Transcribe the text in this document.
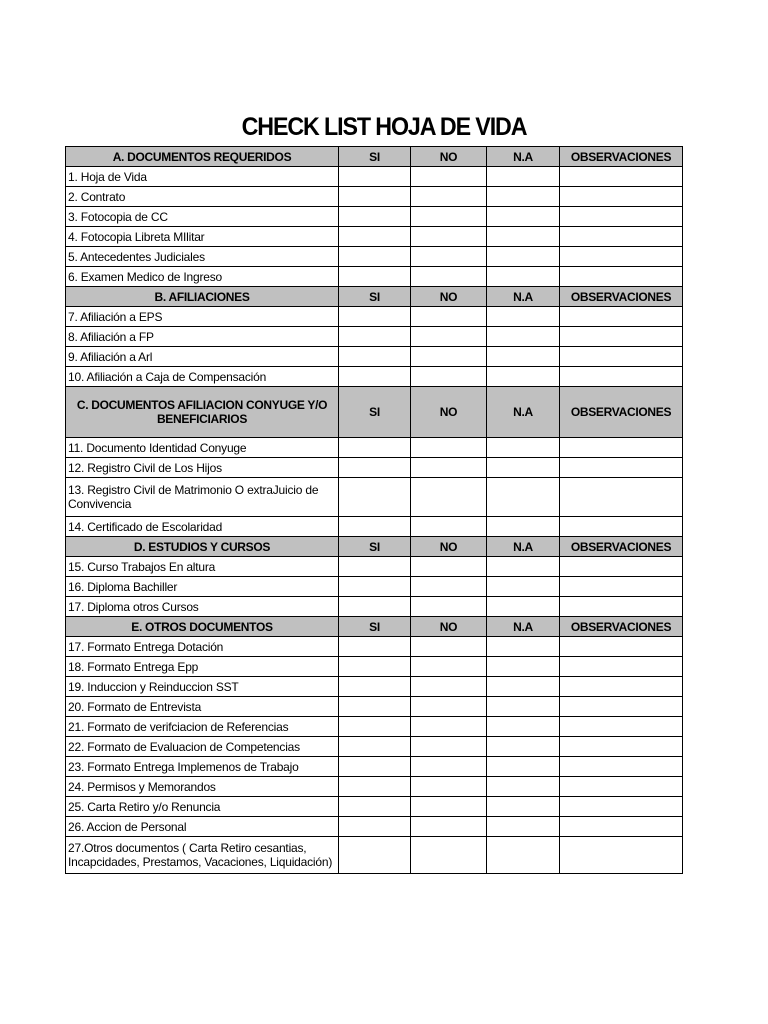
CHECK LIST HOJA DE VIDA
A. DOCUMENTOS REQUERIDOS	SI	NO	N.A	OBSERVACIONES
1. Hoja de Vida				
2. Contrato				
3. Fotocopia de CC				
4. Fotocopia Libreta MIlitar				
5. Antecedentes Judiciales				
6. Examen Medico de Ingreso				
B. AFILIACIONES	SI	NO	N.A	OBSERVACIONES
7. Afiliación a EPS				
8. Afiliación a FP				
9. Afiliación a Arl				
10. Afiliación a Caja de Compensación				
C. DOCUMENTOS AFILIACION CONYUGE Y/O BENEFICIARIOS	SI	NO	N.A	OBSERVACIONES
11. Documento Identidad Conyuge				
12. Registro Civil de Los Hijos				
13. Registro Civil de Matrimonio O extraJuicio de Convivencia				
14. Certificado de Escolaridad				
D. ESTUDIOS Y CURSOS	SI	NO	N.A	OBSERVACIONES
15. Curso Trabajos En altura				
16. Diploma Bachiller				
17. Diploma otros Cursos				
E. OTROS DOCUMENTOS	SI	NO	N.A	OBSERVACIONES
17. Formato Entrega Dotación				
18. Formato Entrega Epp				
19. Induccion y Reinduccion SST				
20. Formato de Entrevista				
21. Formato de verifciacion de Referencias				
22. Formato de Evaluacion de Competencias				
23. Formato Entrega Implemenos de Trabajo				
24. Permisos y Memorandos				
25. Carta Retiro y/o Renuncia				
26. Accion de Personal				
27.Otros documentos ( Carta Retiro cesantias, Incapcidades, Prestamos, Vacaciones, Liquidación)				
